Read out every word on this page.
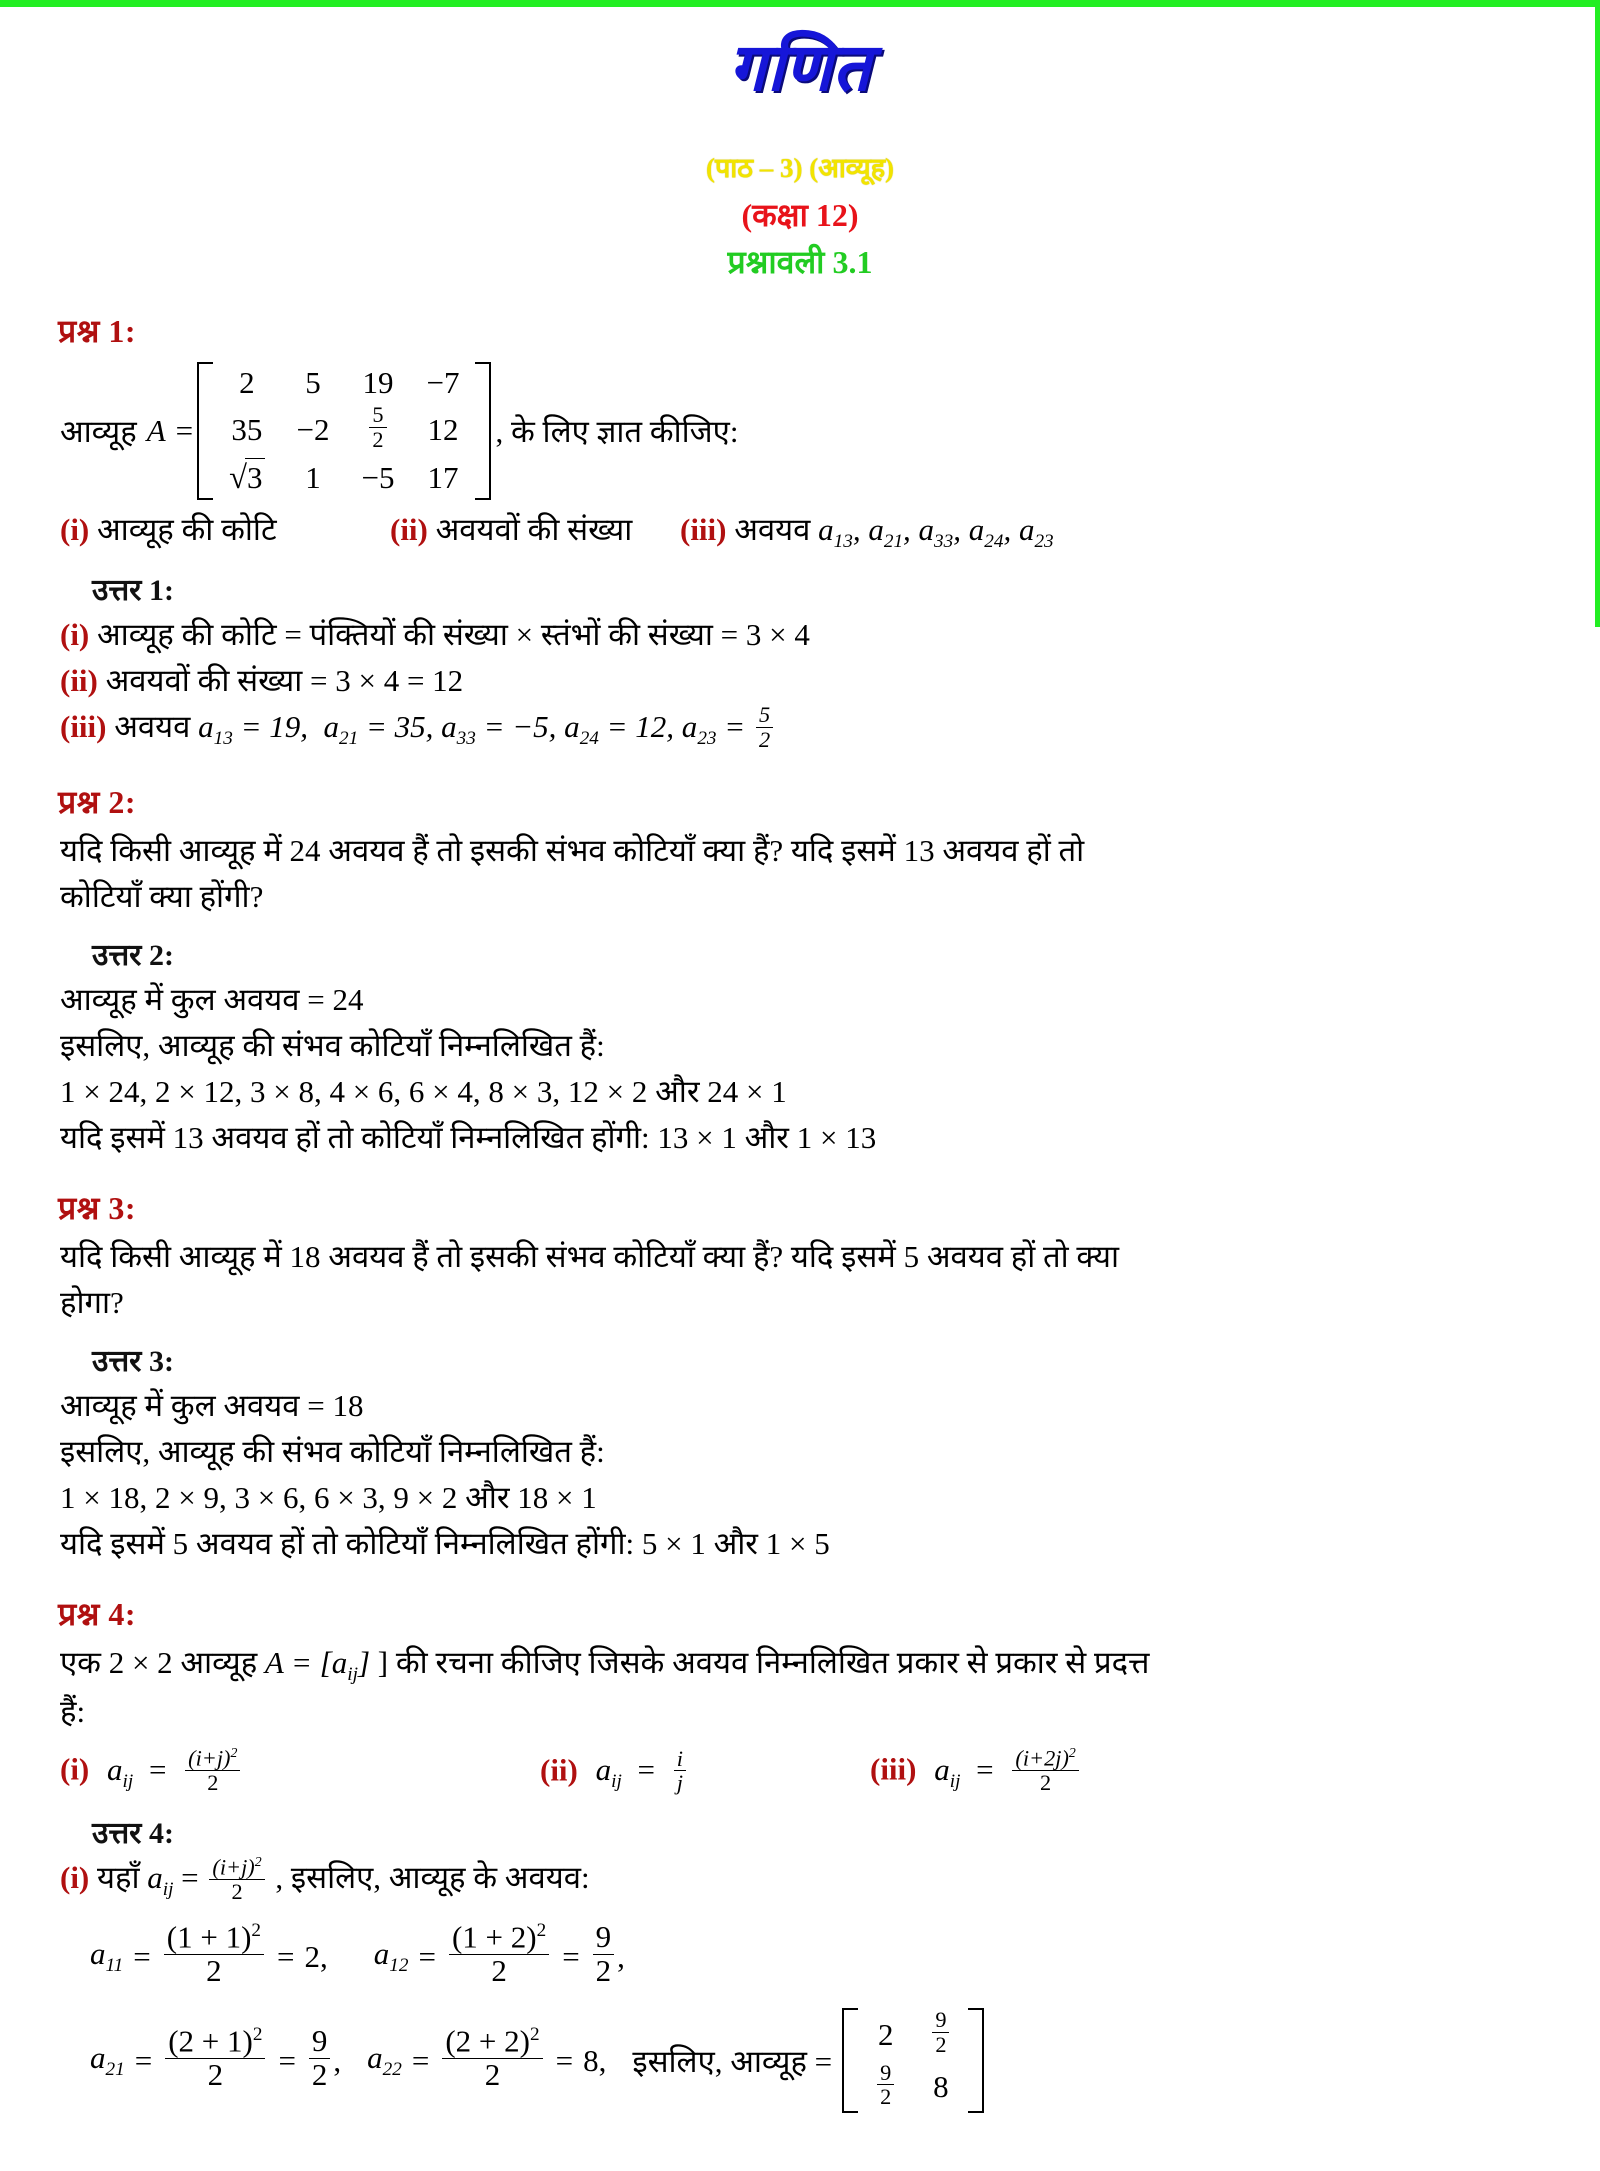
गणित
(पाठ – 3) (आव्यूह)
(कक्षा 12)
प्रश्नावली 3.1
प्रश्न 1:
आव्यूह A =
2	5	19	−7
35	−2	$\frac{5}{2}$	12
√3	1	−5	17
, के लिए ज्ञात कीजिए:
(i) आव्यूह की कोटि	(ii) अवयवों की संख्या	(iii) अवयव $a_{13}$, $a_{21}$, $a_{33}$, $a_{24}$, $a_{23}$
उत्तर 1:
(i) आव्यूह की कोटि = पंक्तियों की संख्या × स्तंभों की संख्या = 3 × 4
(ii) अवयवों की संख्या = 3 × 4 = 12
(iii) अवयव $a_{13} = 19$,  $a_{21} = 35$, $a_{33} = -5$, $a_{24} = 12$, $a_{23} = \frac{5}{2}$
प्रश्न 2:
यदि किसी आव्यूह में 24 अवयव हैं तो इसकी संभव कोटियाँ क्या हैं? यदि इसमें 13 अवयव हों तो
कोटियाँ क्या होंगी?
उत्तर 2:
आव्यूह में कुल अवयव = 24
इसलिए, आव्यूह की संभव कोटियाँ निम्नलिखित हैं:
1 × 24, 2 × 12, 3 × 8, 4 × 6, 6 × 4, 8 × 3, 12 × 2 और 24 × 1
यदि इसमें 13 अवयव हों तो कोटियाँ निम्नलिखित होंगी: 13 × 1 और 1 × 13
प्रश्न 3:
यदि किसी आव्यूह में 18 अवयव हैं तो इसकी संभव कोटियाँ क्या हैं? यदि इसमें 5 अवयव हों तो क्या
होगा?
उत्तर 3:
आव्यूह में कुल अवयव = 18
इसलिए, आव्यूह की संभव कोटियाँ निम्नलिखित हैं:
1 × 18, 2 × 9, 3 × 6, 6 × 3, 9 × 2 और 18 × 1
यदि इसमें 5 अवयव हों तो कोटियाँ निम्नलिखित होंगी: 5 × 1 और 1 × 5
प्रश्न 4:
एक 2 × 2 आव्यूह $A = [a_{ij}]$ ] की रचना कीजिए जिसके अवयव निम्नलिखित प्रकार से प्रकार से प्रदत्त
हैं:
(i) $a_{ij} = \frac{(i+j)^2}{2}$	(ii) $a_{ij} = \frac{i}{j}$	(iii) $a_{ij} = \frac{(i+2j)^2}{2}$
उत्तर 4:
(i) यहाँ $a_{ij} = \frac{(i+j)^2}{2}$ , इसलिए, आव्यूह के अवयव:
$a_{11} = \frac{(1 + 1)^2}{2} = 2$, $a_{12} = \frac{(1 + 2)^2}{2} = \frac{9}{2}$ ,
$a_{21} = \frac{(2 + 1)^2}{2} = \frac{9}{2}$ , $a_{22} = \frac{(2 + 2)^2}{2} = 8$, इसलिए, आव्यूह =
2	$\frac{9}{2}$

$\frac{9}{2}$	8
